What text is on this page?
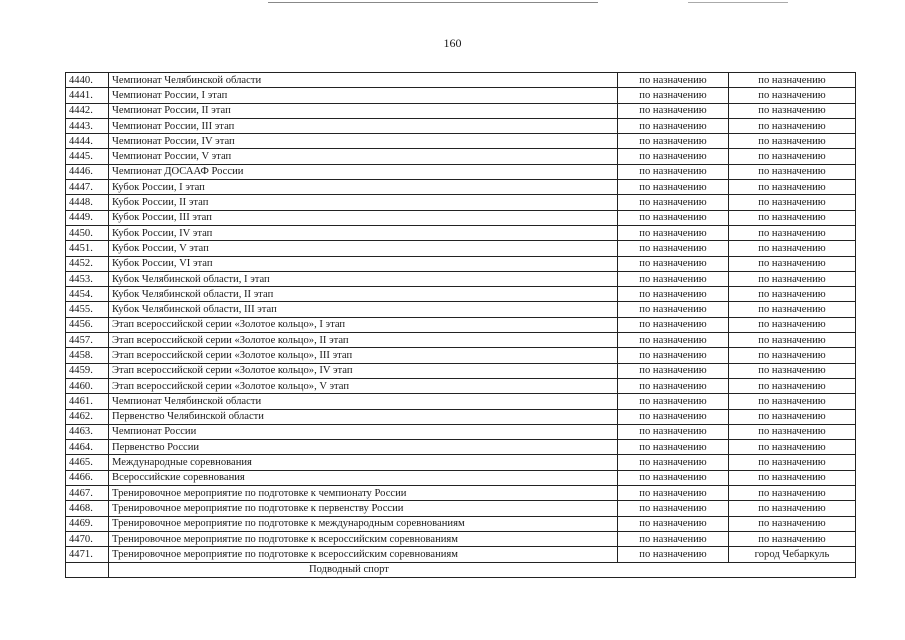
160
4440.	Чемпионат Челябинской области	по назначению	по назначению
4441.	Чемпионат России, I этап	по назначению	по назначению
4442.	Чемпионат России, II этап	по назначению	по назначению
4443.	Чемпионат России, III этап	по назначению	по назначению
4444.	Чемпионат России, IV этап	по назначению	по назначению
4445.	Чемпионат России, V этап	по назначению	по назначению
4446.	Чемпионат ДОСААФ России	по назначению	по назначению
4447.	Кубок России, I этап	по назначению	по назначению
4448.	Кубок России, II этап	по назначению	по назначению
4449.	Кубок России, III этап	по назначению	по назначению
4450.	Кубок России, IV этап	по назначению	по назначению
4451.	Кубок России, V этап	по назначению	по назначению
4452.	Кубок России, VI этап	по назначению	по назначению
4453.	Кубок Челябинской области, I этап	по назначению	по назначению
4454.	Кубок Челябинской области, II этап	по назначению	по назначению
4455.	Кубок Челябинской области, III этап	по назначению	по назначению
4456.	Этап всероссийской серии «Золотое кольцо», I этап	по назначению	по назначению
4457.	Этап всероссийской серии «Золотое кольцо», II этап	по назначению	по назначению
4458.	Этап всероссийской серии «Золотое кольцо», III этап	по назначению	по назначению
4459.	Этап всероссийской серии «Золотое кольцо», IV этап	по назначению	по назначению
4460.	Этап всероссийской серии «Золотое кольцо», V этап	по назначению	по назначению
4461.	Чемпионат Челябинской области	по назначению	по назначению
4462.	Первенство Челябинской области	по назначению	по назначению
4463.	Чемпионат России	по назначению	по назначению
4464.	Первенство России	по назначению	по назначению
4465.	Международные соревнования	по назначению	по назначению
4466.	Всероссийские соревнования	по назначению	по назначению
4467.	Тренировочное мероприятие по подготовке к чемпионату России	по назначению	по назначению
4468.	Тренировочное мероприятие по подготовке к первенству России	по назначению	по назначению
4469.	Тренировочное мероприятие по подготовке к международным соревнованиям	по назначению	по назначению
4470.	Тренировочное мероприятие по подготовке к всероссийским соревнованиям	по назначению	по назначению
4471.	Тренировочное мероприятие по подготовке к всероссийским соревнованиям	по назначению	город Чебаркуль
	Подводный спорт		
